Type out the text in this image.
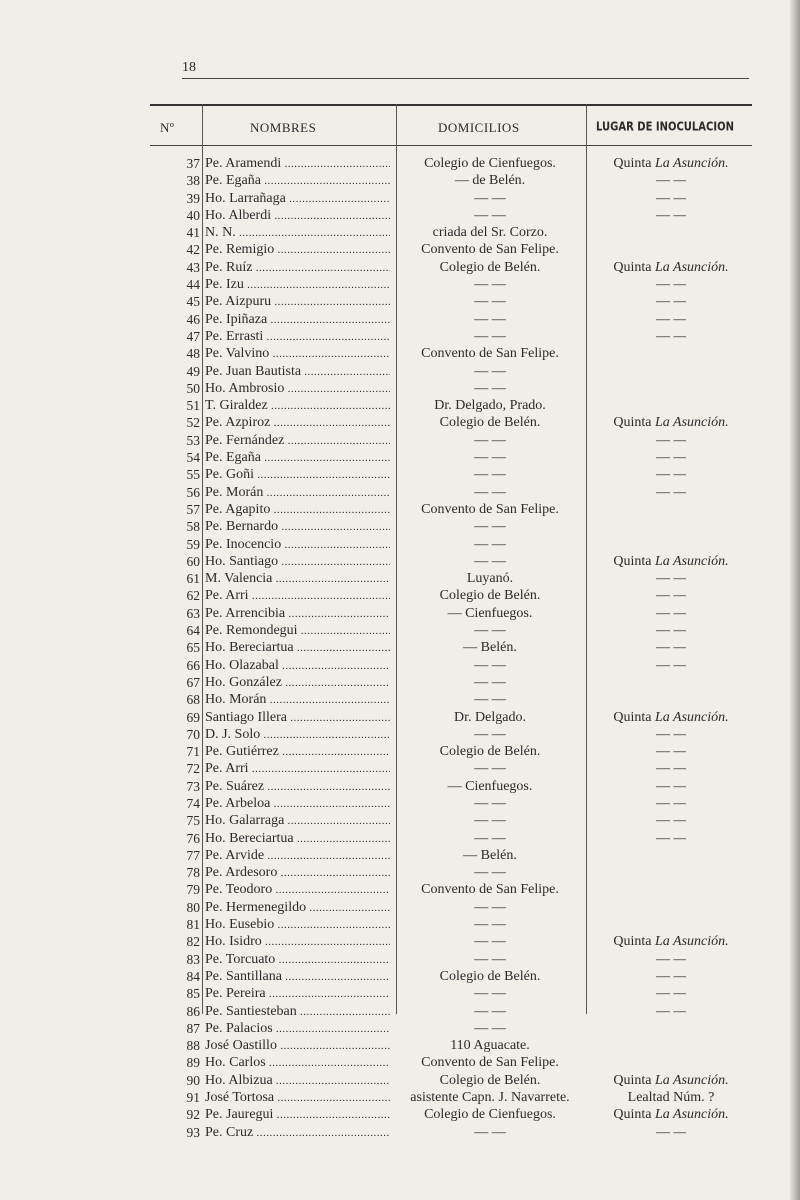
18
Nº	NOMBRES	DOMICILIOS	LUGAR DE INOCULACION
37 Pe. Aramendi .....	Colegio de Cienfuegos.	Quinta La Asunción.
38 Pe. Egaña .....	— de Belén.	— —
39 Ho. Larrañaga .....	— —	— —
40 Ho. Alberdi .....	— —	— —
41 N. N. .....	criada del Sr. Corzo.
42 Pe. Remigio .....	Convento de San Felipe.
43 Pe. Ruíz .....	Colegio de Belén.	Quinta La Asunción.
44 Pe. Izu .....	— —	— —
45 Pe. Aizpuru .....	— —	— —
46 Pe. Ipiñaza .....	— —	— —
47 Pe. Errasti .....	— —	— —
48 Pe. Valvino .....	Convento de San Felipe.
49 Pe. Juan Bautista .....	— —
50 Ho. Ambrosio .....	— —
51 T. Giraldez .....	Dr. Delgado, Prado.
52 Pe. Azpiroz .....	Colegio de Belén.	Quinta La Asunción.
53 Pe. Fernández .....	— —	— —
54 Pe. Egaña .....	— —	— —
55 Pe. Goñi .....	— —	— —
56 Pe. Morán .....	— —	— —
57 Pe. Agapito .....	Convento de San Felipe.
58 Pe. Bernardo .....	— —
59 Pe. Inocencio .....	— —
60 Ho. Santiago .....	— —	Quinta La Asunción.
61 M. Valencia .....	Luyanó.	— —
62 Pe. Arri .....	Colegio de Belén.	— —
63 Pe. Arrencibia .....	— Cienfuegos.	— —
64 Pe. Remondegui .....	— —	— —
65 Ho. Bereciartua .....	— Belén.	— —
66 Ho. Olazabal .....	— —	— —
67 Ho. González .....	— —
68 Ho. Morán .....	— —
69 Santiago Illera .....	Dr. Delgado.	Quinta La Asunción.
70 D. J. Solo .....	— —	— —
71 Pe. Gutiérrez .....	Colegio de Belén.	— —
72 Pe. Arri .....	— —	— —
73 Pe. Suárez .....	— Cienfuegos.	— —
74 Pe. Arbeloa .....	— —	— —
75 Ho. Galarraga .....	— —	— —
76 Ho. Bereciartua .....	— —	— —
77 Pe. Arvide .....	— Belén.
78 Pe. Ardesoro .....	— —
79 Pe. Teodoro .....	Convento de San Felipe.
80 Pe. Hermenegildo .....	— —
81 Ho. Eusebio .....	— —
82 Ho. Isidro .....	— —	Quinta La Asunción.
83 Pe. Torcuato .....	— —	— —
84 Pe. Santillana .....	Colegio de Belén.	— —
85 Pe. Pereira .....	— —	— —
86 Pe. Santiesteban .....	— —	— —
87 Pe. Palacios .....	— —
88 José Oastillo .....	110 Aguacate.
89 Ho. Carlos .....	Convento de San Felipe.
90 Ho. Albizua .....	Colegio de Belén.	Quinta La Asunción.
91 José Tortosa .....	asistente Capn. J. Navarrete.	Lealtad Núm. ?
92 Pe. Jauregui .....	Colegio de Cienfuegos.	Quinta La Asunción.
93 Pe. Cruz .....	— —	— —
